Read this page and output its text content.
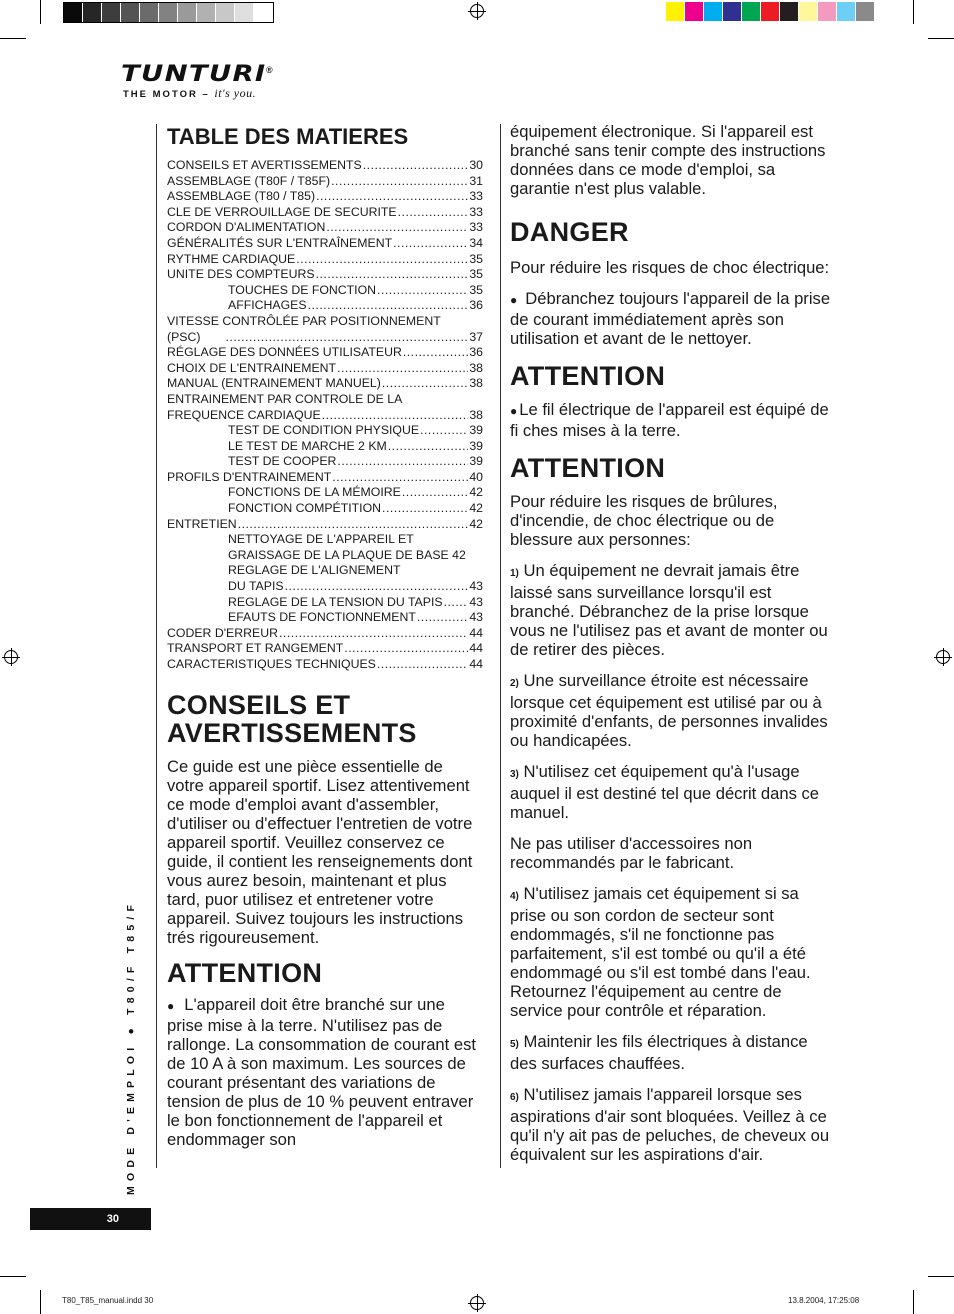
TUNTURI ®
THE MOTOR – it's you.
TABLE DES MATIERES
CONSEILS ET AVERTISSEMENTS .....	30
ASSEMBLAGE (T80F / T85F) .....	31
ASSEMBLAGE (T80 / T85) .....	33
CLE DE VERROUILLAGE DE SECURITE .....	33
CORDON D'ALIMENTATION .....	33
GÉNÉRALITÉS SUR L'ENTRAÎNEMENT .....	34
RYTHME CARDIAQUE .....	35
UNITE DES COMPTEURS .....	35
TOUCHES DE FONCTION .....	35
AFFICHAGES .....	36
VITESSE CONTRÔLÉE PAR POSITIONNEMENT
(PSC) .....	37
RÉGLAGE DES DONNÉES UTILISATEUR .....	36
CHOIX DE L'ENTRAINEMENT .....	38
MANUAL (ENTRAINEMENT MANUEL) .....	38
ENTRAINEMENT PAR CONTROLE DE LA
FREQUENCE CARDIAQUE .....	38
TEST DE CONDITION PHYSIQUE .....	39
LE TEST DE MARCHE 2 KM .....	39
TEST DE COOPER .....	39
PROFILS D'ENTRAINEMENT .....	40
FONCTIONS DE LA MÉMOIRE .....	42
FONCTION COMPÉTITION .....	42
ENTRETIEN .....	42
NETTOYAGE DE L'APPAREIL ET
GRAISSAGE DE LA PLAQUE DE BASE 42
REGLAGE DE L'ALIGNEMENT
DU TAPIS .....	43
REGLAGE DE LA TENSION DU TAPIS ..... 43
EFAUTS DE FONCTIONNEMENT .....	43
CODER D'ERREUR .....	44
TRANSPORT ET RANGEMENT .....	44
CARACTERISTIQUES TECHNIQUES .....	44
CONSEILS ET
AVERTISSEMENTS

Ce guide est une pièce essentielle de votre appareil sportif. Lisez attentivement ce mode d'emploi avant d'assembler, d'utiliser ou d'effectuer l'entretien de votre appareil sportif. Veuillez conservez ce guide, il contient les renseignements dont vous aurez besoin, maintenant et plus tard, puor utilisez et entretener votre appareil. Suivez toujours les instructions trés rigoureusement.

ATTENTION

● L'appareil doit être branché sur une prise mise à la terre. N'utilisez pas de rallonge. La consommation de courant est de 10 A à son maximum. Les sources de courant présentant des variations de tension de plus de 10 % peuvent entraver le bon fonctionnement de l'appareil et endommager son

équipement électronique. Si l'appareil est branché sans tenir compte des instructions données dans ce mode d'emploi, sa garantie n'est plus valable.

DANGER

Pour réduire les risques de choc électrique:

● Débranchez toujours l'appareil de la prise de courant immédiatement après son utilisation et avant de le nettoyer.

ATTENTION

● Le fil électrique de l'appareil est équipé de fi ches mises à la terre.

ATTENTION

Pour réduire les risques de brûlures, d'incendie, de choc électrique ou de blessure aux personnes:

1) Un équipement ne devrait jamais être laissé sans surveillance lorsqu'il est branché. Débranchez de la prise lorsque vous ne l'utilisez pas et avant de monter ou de retirer des pièces.

2) Une surveillance étroite est nécessaire lorsque cet équipement est utilisé par ou à proximité d'enfants, de personnes invalides ou handicapées.

3) N'utilisez cet équipement qu'à l'usage auquel il est destiné tel que décrit dans ce manuel.

Ne pas utiliser d'accessoires non recommandés par le fabricant.

4) N'utilisez jamais cet équipement si sa prise ou son cordon de secteur sont endommagés, s'il ne fonctionne pas parfaitement, s'il est tombé ou qu'il a été endommagé ou s'il est tombé dans l'eau. Retournez l'équipement au centre de service pour contrôle et réparation.

5) Maintenir les fils électriques à distance des surfaces chauffées.

6) N'utilisez jamais l'appareil lorsque ses aspirations d'air sont bloquées. Veillez à ce qu'il n'y ait pas de peluches, de cheveux ou équivalent sur les aspirations d'air.

MODE D'EMPLOI ● T80/F T85/F
30
T80_T85_manual.indd 30	13.8.2004, 17:25:08
